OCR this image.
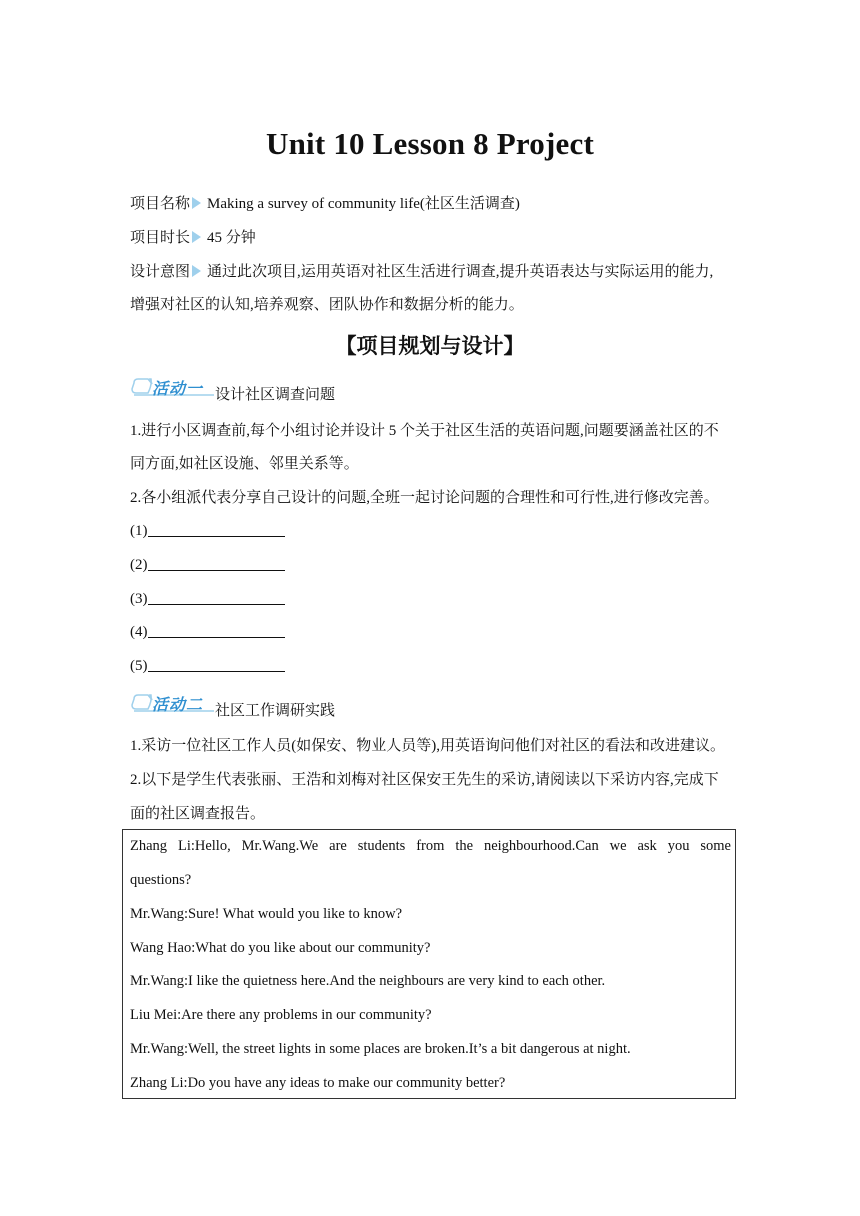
Unit 10 Lesson 8 Project
项目名称 Making a survey of community life(社区生活调查)
项目时长 45 分钟
设计意图 通过此次项目,运用英语对社区生活进行调查,提升英语表达与实际运用的能力,
增强对社区的认知,培养观察、团队协作和数据分析的能力。
【项目规划与设计】
活动一 设计社区调查问题
1.进行小区调查前,每个小组讨论并设计 5 个关于社区生活的英语问题,问题要涵盖社区的不
同方面,如社区设施、邻里关系等。
2.各小组派代表分享自己设计的问题,全班一起讨论问题的合理性和可行性,进行修改完善。
(1)
(2)
(3)
(4)
(5)
活动二 社区工作调研实践
1.采访一位社区工作人员(如保安、物业人员等),用英语询问他们对社区的看法和改进建议。
2.以下是学生代表张丽、王浩和刘梅对社区保安王先生的采访,请阅读以下采访内容,完成下
面的社区调查报告。
Zhang Li:Hello, Mr.Wang.We are students from the neighbourhood.Can we ask you some
questions?
Mr.Wang:Sure! What would you like to know?
Wang Hao:What do you like about our community?
Mr.Wang:I like the quietness here.And the neighbours are very kind to each other.
Liu Mei:Are there any problems in our community?
Mr.Wang:Well, the street lights in some places are broken.It’s a bit dangerous at night.
Zhang Li:Do you have any ideas to make our community better?
